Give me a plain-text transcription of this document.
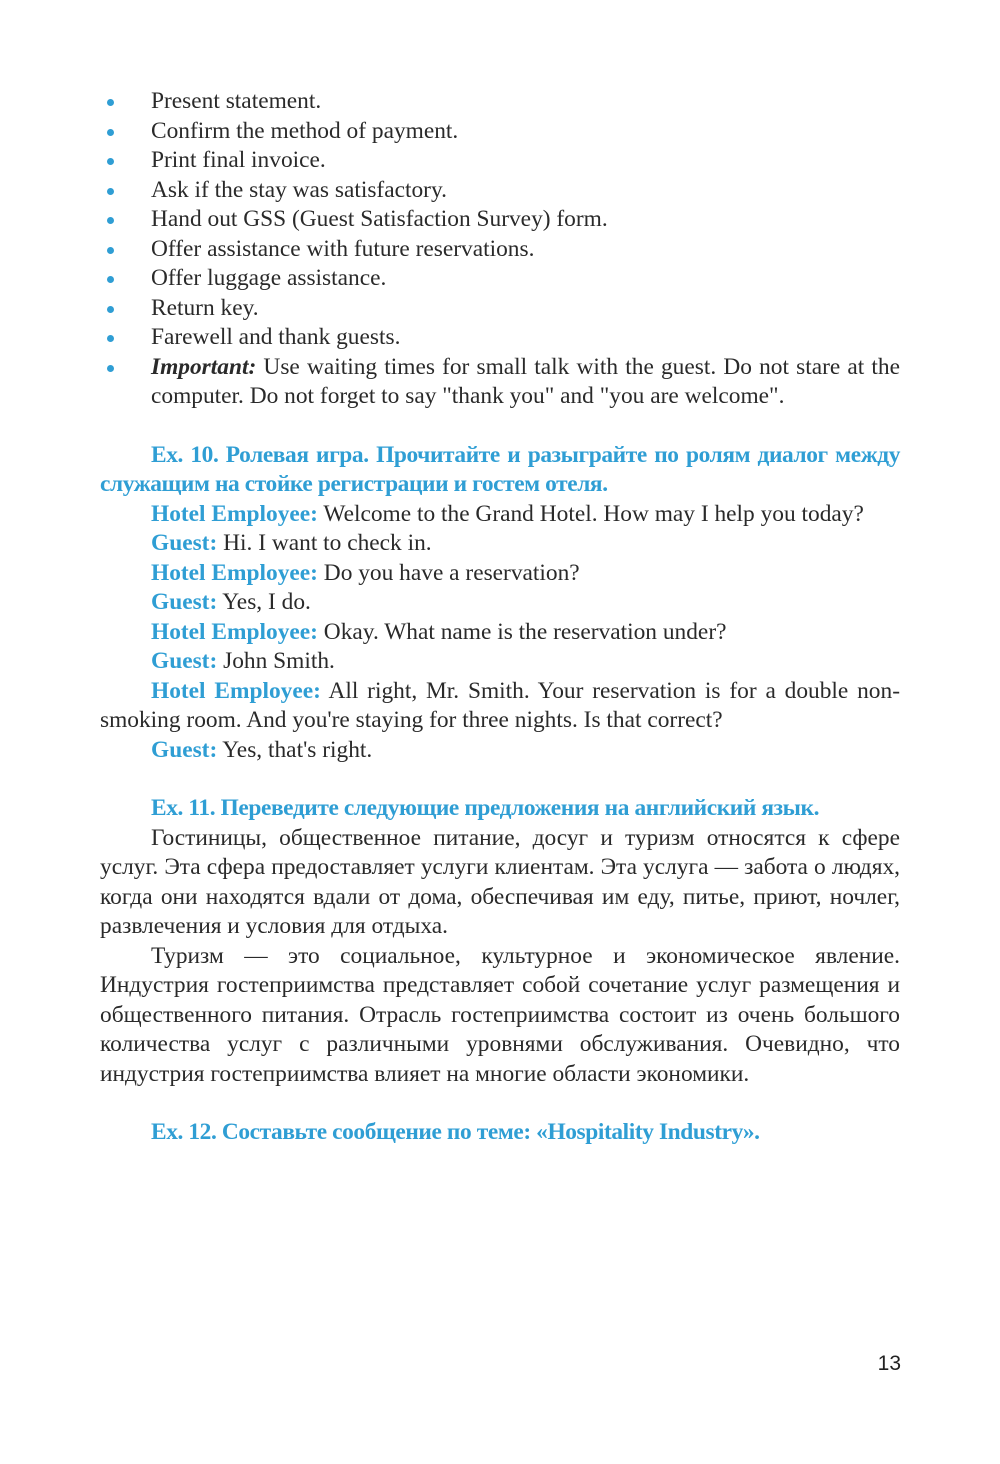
Present statement.
Confirm the method of payment.
Print final invoice.
Ask if the stay was satisfactory.
Hand out GSS (Guest Satisfaction Survey) form.
Offer assistance with future reservations.
Offer luggage assistance.
Return key.
Farewell and thank guests.
Important: Use waiting times for small talk with the guest. Do not stare at the computer. Do not forget to say "thank you" and "you are welcome".

Ex. 10. Ролевая игра. Прочитайте и разыграйте по ролям диалог между служащим на стойке регистрации и гостем отеля.

Hotel Employee: Welcome to the Grand Hotel. How may I help you today?

Guest: Hi. I want to check in.

Hotel Employee: Do you have a reservation?

Guest: Yes, I do.

Hotel Employee: Okay. What name is the reservation under?

Guest: John Smith.

Hotel Employee: All right, Mr. Smith. Your reservation is for a double non-smoking room. And you're staying for three nights. Is that correct?

Guest: Yes, that's right.

Ex. 11. Переведите следующие предложения на английский язык.

Гостиницы, общественное питание, досуг и туризм относятся к сфере услуг. Эта сфера предоставляет услуги клиентам. Эта услуга — забота о людях, когда они находятся вдали от дома, обеспечивая им еду, питье, приют, ночлег, развлечения и условия для отдыха.

Туризм — это социальное, культурное и экономическое явление. Индустрия гостеприимства представляет собой сочетание услуг размещения и общественного питания. Отрасль гостеприимства состоит из очень большого количества услуг с различными уровнями обслуживания. Очевидно, что индустрия гостеприимства влияет на многие области экономики.

Ex. 12. Составьте сообщение по теме: «Hospitality Industry».

13
